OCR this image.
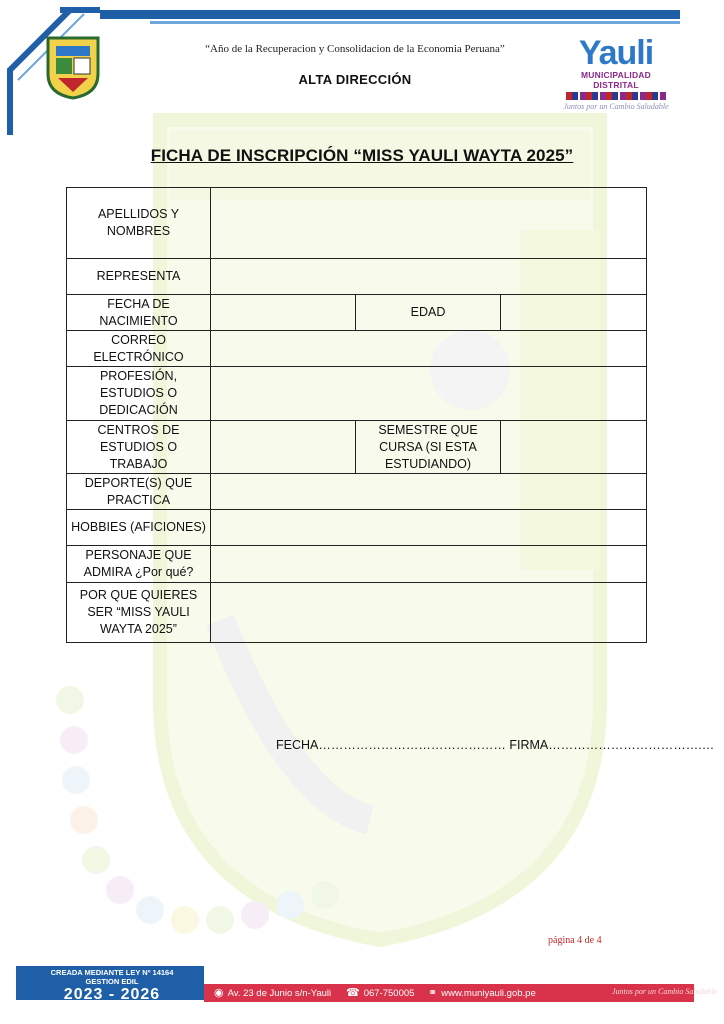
“Año de la Recuperacion y Consolidacion de la Economia Peruana”
ALTA DIRECCIÓN
Yauli
MUNICIPALIDAD DISTRITAL
Juntos por un Cambio Saludable
FICHA DE INSCRIPCIÓN “MISS YAULI WAYTA 2025”
APELLIDOS Y NOMBRES			
REPRESENTA			
FECHA DE NACIMIENTO		EDAD	
CORREO ELECTRÓNICO			
PROFESIÓN, ESTUDIOS O DEDICACIÓN			
CENTROS DE ESTUDIOS O TRABAJO		SEMESTRE QUE CURSA (SI ESTA ESTUDIANDO)	
DEPORTE(S) QUE PRACTICA			
HOBBIES (AFICIONES)			
PERSONAJE QUE ADMIRA ¿Por qué?			
POR QUE QUIERES SER “MISS YAULI WAYTA 2025”			
FECHA……………………………………… FIRMA……………………………….…
página 4 de 4
CREADA MEDIANTE LEY Nº 14164
GESTION EDIL
2023 - 2026	◉ Av. 23 de Junio s/n-Yauli ☎ 067-750005 ⚭ www.muniyauli.gob.pe	Juntos por un Cambio Saludable
